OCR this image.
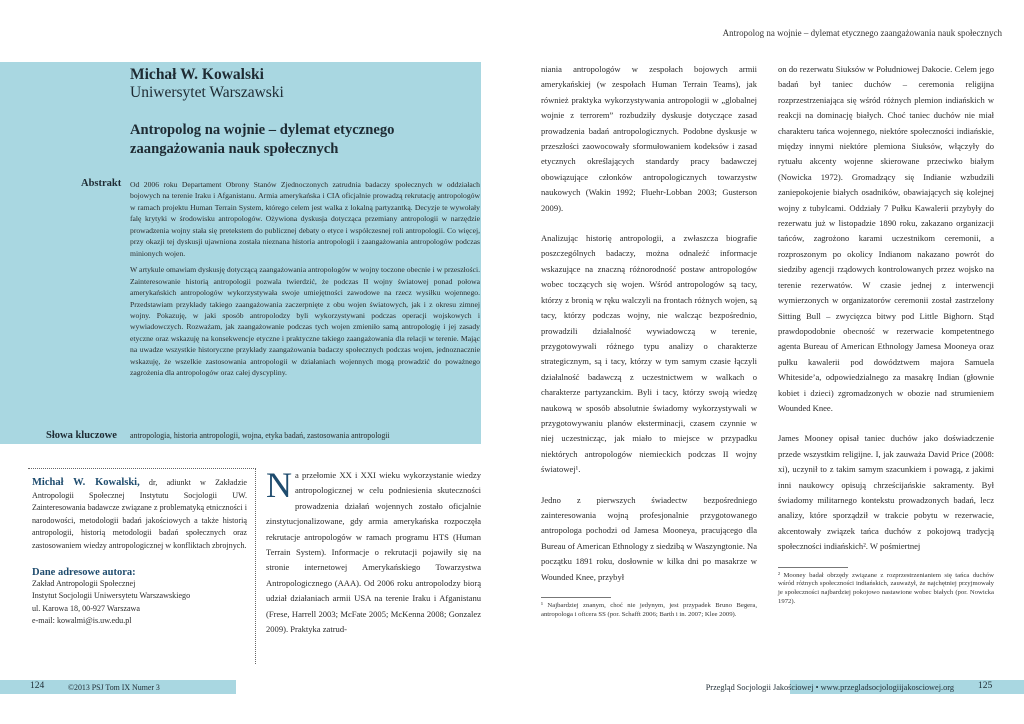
Antropolog na wojnie – dylemat etycznego zaangażowania nauk społecznych
Michał W. Kowalski
Uniwersytet Warszawski
Antropolog na wojnie – dylemat etycznego zaangażowania nauk społecznych
Abstrakt Od 2006 roku Departament Obrony Stanów Zjednoczonych zatrudnia badaczy społecznych w oddziałach bojowych na terenie Iraku i Afganistanu. Armia amerykańska i CIA oficjalnie prowadzą rekrutację antropologów w ramach projektu Human Terrain System, którego celem jest walka z lokalną partyzantką. Decyzje te wywołały falę krytyki w środowisku antropologów. Ożywiona dyskusja dotycząca przemiany antropologii w narzędzie prowadzenia wojny stała się pretekstem do publicznej debaty o etyce i współczesnej roli antropologii. Co więcej, przy okazji tej dyskusji ujawniona została nieznana historia antropologii i zaangażowania antropologów podczas minionych wojen.

W artykule omawiam dyskusję dotyczącą zaangażowania antropologów w wojny toczone obecnie i w przeszłości. Zainteresowanie historią antropologii pozwala twierdzić, że podczas II wojny światowej ponad połowa amerykańskich antropologów wykorzystywała swoje umiejętności zawodowe na rzecz wysiłku wojennego. Przedstawiam przykłady takiego zaangażowania zaczerpnięte z obu wojen światowych, jak i z okresu zimnej wojny. Pokazuję, w jaki sposób antropolodzy byli wykorzystywani podczas operacji wojskowych i wywiadowczych. Rozważam, jak zaangażowanie podczas tych wojen zmieniło samą antropologię i jej zasady etyczne oraz wskazuję na konsekwencje etyczne i praktyczne takiego zaangażowania dla relacji w terenie. Mając na uwadze wszystkie historyczne przykłady zaangażowania badaczy społecznych podczas wojen, jednoznacznie wskazuję, że wszelkie zastosowania antropologii w działaniach wojennych mogą prowadzić do poważnego zagrożenia dla antropologów oraz całej dyscypliny.

Słowa kluczowe antropologia, historia antropologii, wojna, etyka badań, zastosowania antropologii
Michał W. Kowalski, dr, adiunkt w Zakładzie Antropologii Społecznej Instytutu Socjologii UW. Zainteresowania badawcze związane z problematyką etniczności i narodowości, metodologii badań jakościowych a także historią antropologii, historią metodologii badań społecznych oraz zastosowaniem wiedzy antropologicznej w konfliktach zbrojnych.
Dane adresowe autora:
Zakład Antropologii Społecznej
Instytut Socjologii Uniwersytetu Warszawskiego
ul. Karowa 18, 00-927 Warszawa
e-mail: kowalmi@is.uw.edu.pl
Na przełomie XX i XXI wieku wykorzystanie wiedzy antropologicznej w celu podniesienia skuteczności prowadzenia działań wojennych zostało oficjalnie zinstytucjonalizowane, gdy armia amerykańska rozpoczęła rekrutacje antropologów w ramach programu HTS (Human Terrain System). Informacje o rekrutacji pojawiły się na stronie internetowej Amerykańskiego Towarzystwa Antropologicznego (AAA). Od 2006 roku antropolodzy biorą udział działaniach armii USA na terenie Iraku i Afganistanu (Frese, Harrell 2003; McFate 2005; McKenna 2008; Gonzalez 2009). Praktyka zatrud-

niania antropologów w zespołach bojowych armii amerykańskiej (w zespołach Human Terrain Teams), jak również praktyka wykorzystywania antropologii w „globalnej wojnie z terrorem” rozbudziły dyskusje dotyczące zasad prowadzenia badań antropologicznych. Podobne dyskusje w przeszłości zaowocowały sformułowaniem kodeksów i zasad etycznych określających standardy pracy badawczej obowiązujące członków antropologicznych towarzystw naukowych (Wakin 1992; Fluehr-Lobban 2003; Gusterson 2009).

Analizując historię antropologii, a zwłaszcza biografie poszczególnych badaczy, można odnaleźć informacje wskazujące na znaczną różnorodność postaw antropologów wobec toczących się wojen. Wśród antropologów są tacy, którzy z bronią w ręku walczyli na frontach różnych wojen, są tacy, którzy podczas wojny, nie walcząc bezpośrednio, prowadzili działalność wywiadowczą w terenie, przygotowywali różnego typu analizy o charakterze strategicznym, są i tacy, którzy w tym samym czasie łączyli działalność badawczą z uczestnictwem w walkach o charakterze partyzanckim. Byli i tacy, którzy swoją wiedzę naukową w sposób absolutnie świadomy wykorzystywali w przygotowywaniu planów eksterminacji, czasem czynnie w niej uczestnicząc, jak miało to miejsce w przypadku niektórych antropologów niemieckich podczas II wojny światowej¹.

Jedno z pierwszych świadectw bezpośredniego zainteresowania wojną profesjonalnie przygotowanego antropologa pochodzi od Jamesa Mooneya, pracującego dla Bureau of American Ethnology z siedzibą w Waszyngtonie. Na początku 1891 roku, dosłownie w kilka dni po masakrze w Wounded Knee, przybył

¹ Najbardziej znanym, choć nie jedynym, jest przypadek Bruno Begera, antropologa i oficera SS (por. Schafft 2006; Barth i in. 2007; Klee 2009).

on do rezerwatu Siuksów w Południowej Dakocie. Celem jego badań był taniec duchów – ceremonia religijna rozprzestrzeniająca się wśród różnych plemion indiańskich w reakcji na dominację białych. Choć taniec duchów nie miał charakteru tańca wojennego, niektóre społeczności indiańskie, między innymi niektóre plemiona Siuksów, włączyły do rytuału akcenty wojenne skierowane przeciwko białym (Nowicka 1972). Gromadzący się Indianie wzbudzili zaniepokojenie białych osadników, obawiających się kolejnej wojny z tubylcami. Oddziały 7 Pułku Kawalerii przybyły do rezerwatu już w listopadzie 1890 roku, zakazano organizacji tańców, zagrożono karami uczestnikom ceremonii, a rozproszonym po okolicy Indianom nakazano powrót do siedziby agencji rządowych kontrolowanych przez wojsko na terenie rezerwatów. W czasie jednej z interwencji wymierzonych w organizatorów ceremonii został zastrzelony Sitting Bull – zwycięzca bitwy pod Little Bighorn. Stąd prawdopodobnie obecność w rezerwacie kompetentnego agenta Bureau of American Ethnology Jamesa Mooneya oraz pułku kawalerii pod dowództwem majora Samuela Whiteside’a, odpowiedzialnego za masakrę Indian (głownie kobiet i dzieci) zgromadzonych w obozie nad strumieniem Wounded Knee.

James Mooney opisał taniec duchów jako doświadczenie przede wszystkim religijne. I, jak zauważa David Price (2008: xi), uczynił to z takim samym szacunkiem i powagą, z jakimi inni naukowcy opisują chrześcijańskie sakramenty. Był świadomy militarnego kontekstu prowadzonych badań, lecz analizy, które sporządził w trakcie pobytu w rezerwacie, akcentowały związek tańca duchów z pokojową tradycją społeczności indiańskich². W pośmiertnej

² Mooney badał obrzędy związane z rozprzestrzenianiem się tańca duchów wśród różnych społeczności indiańskich, zauważył, że najchętniej przyjmowały je społeczności najbardziej pokojowo nastawione wobec białych (por. Nowicka 1972).
124	©2013 PSJ Tom IX Numer 3	Przegląd Socjologii Jakościowej • www.przegladsocjologiijakosciowej.org	125
